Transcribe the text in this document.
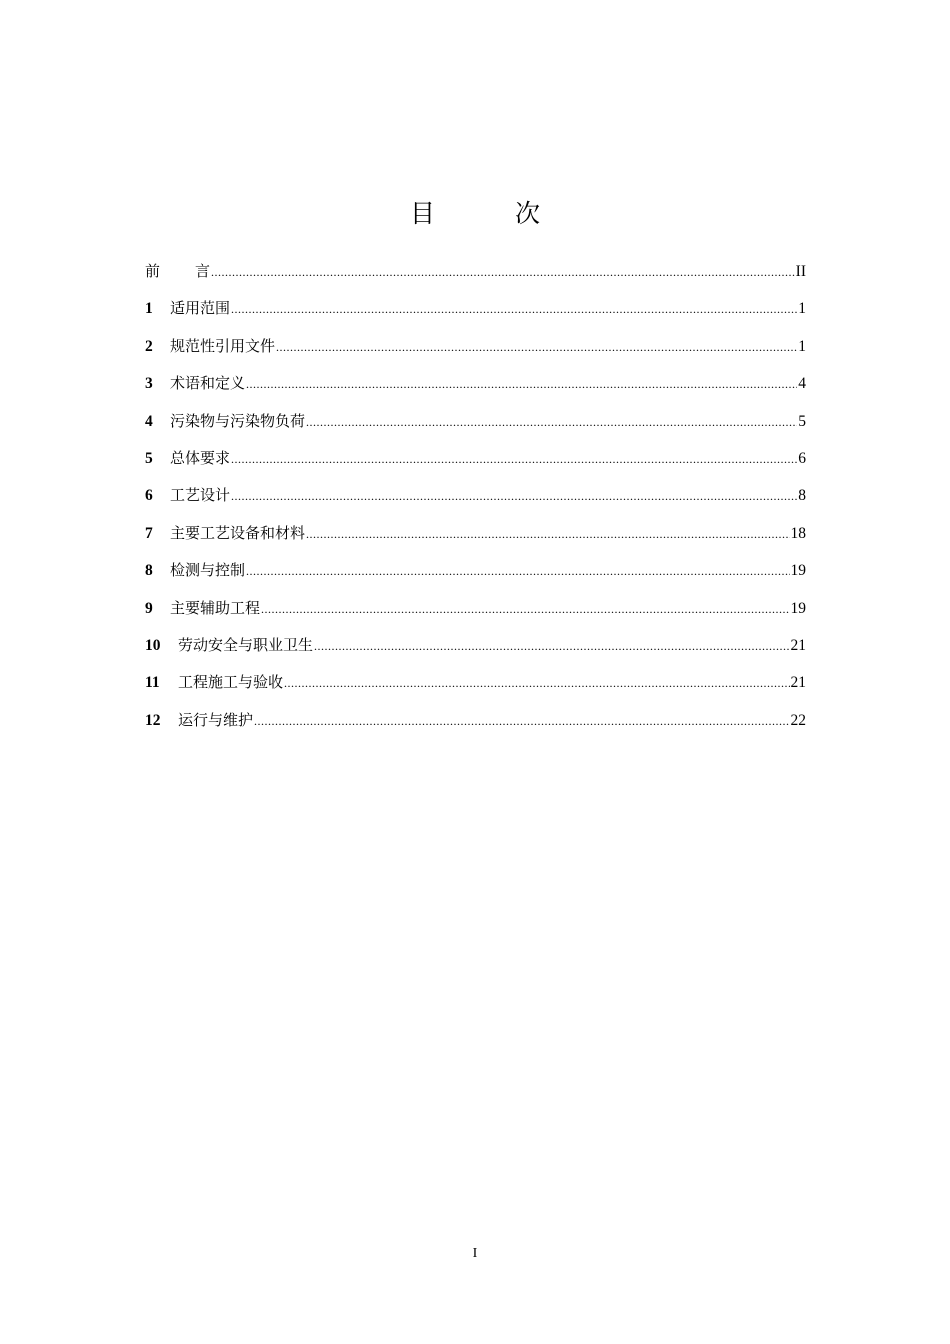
目 次
前言 .....	II
1	适用范围 .....	1
2	规范性引用文件 .....	1
3	术语和定义 .....	4
4	污染物与污染物负荷 .....	5
5	总体要求 .....	6
6	工艺设计 .....	8
7	主要工艺设备和材料 .....	18
8	检测与控制 .....	19
9	主要辅助工程 .....	19
10	劳动安全与职业卫生 .....	21
11	工程施工与验收 .....	21
12	运行与维护 .....	22
I
